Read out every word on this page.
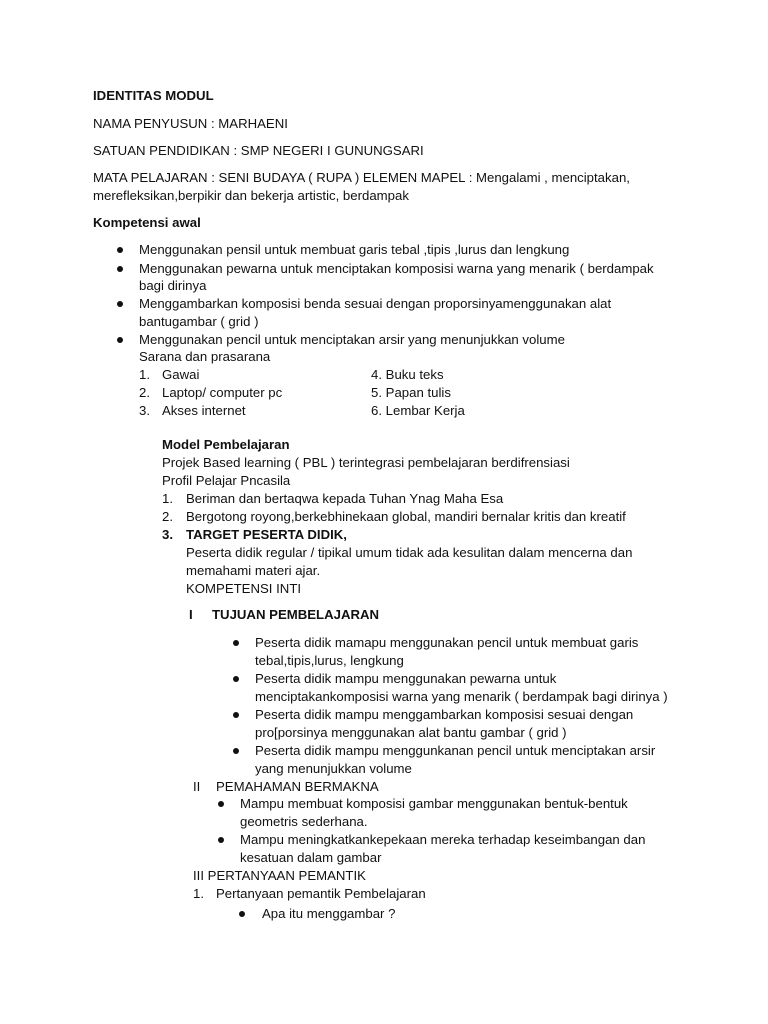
IDENTITAS MODUL
NAMA PENYUSUN : MARHAENI
SATUAN PENDIDIKAN : SMP NEGERI I GUNUNGSARI
MATA PELAJARAN : SENI BUDAYA ( RUPA ) ELEMEN MAPEL : Mengalami , menciptakan,
merefleksikan,berpikir dan bekerja artistic, berdampak
Kompetensi awal
Menggunakan pensil untuk membuat garis tebal ,tipis ,lurus dan lengkung
Menggunakan pewarna untuk menciptakan komposisi warna yang menarik ( berdampak
bagi dirinya
Menggambarkan komposisi benda sesuai dengan proporsinyamenggunakan alat
bantugambar ( grid )
Menggunakan pencil untuk menciptakan arsir yang menunjukkan volume
Sarana dan prasarana
1. Gawai
2. Laptop/ computer pc
3. Akses internet
4. Buku teks
5. Papan tulis
6. Lembar Kerja
Model Pembelajaran
Projek Based learning ( PBL ) terintegrasi pembelajaran berdifrensiasi
Profil Pelajar Pncasila
1. Beriman dan bertaqwa kepada Tuhan Ynag Maha Esa
2. Bergotong royong,berkebhinekaan global, mandiri bernalar kritis dan kreatif
3. TARGET PESERTA DIDIK,
Peserta didik regular / tipikal umum tidak ada kesulitan dalam mencerna dan
memahami materi ajar.
KOMPETENSI INTI
I TUJUAN PEMBELAJARAN
Peserta didik mamapu menggunakan pencil untuk membuat garis
tebal,tipis,lurus, lengkung
Peserta didik mampu menggunakan pewarna untuk
menciptakankomposisi warna yang menarik ( berdampak bagi dirinya )
Peserta didik mampu menggambarkan komposisi sesuai dengan
pro[porsinya menggunakan alat bantu gambar ( grid )
Peserta didik mampu menggunkanan pencil untuk menciptakan arsir
yang menunjukkan volume
II PEMAHAMAN BERMAKNA
Mampu membuat komposisi gambar menggunakan bentuk-bentuk
geometris sederhana.
Mampu meningkatkankepekaan mereka terhadap keseimbangan dan
kesatuan dalam gambar
III PERTANYAAN PEMANTIK
1. Pertanyaan pemantik Pembelajaran
Apa itu menggambar ?
